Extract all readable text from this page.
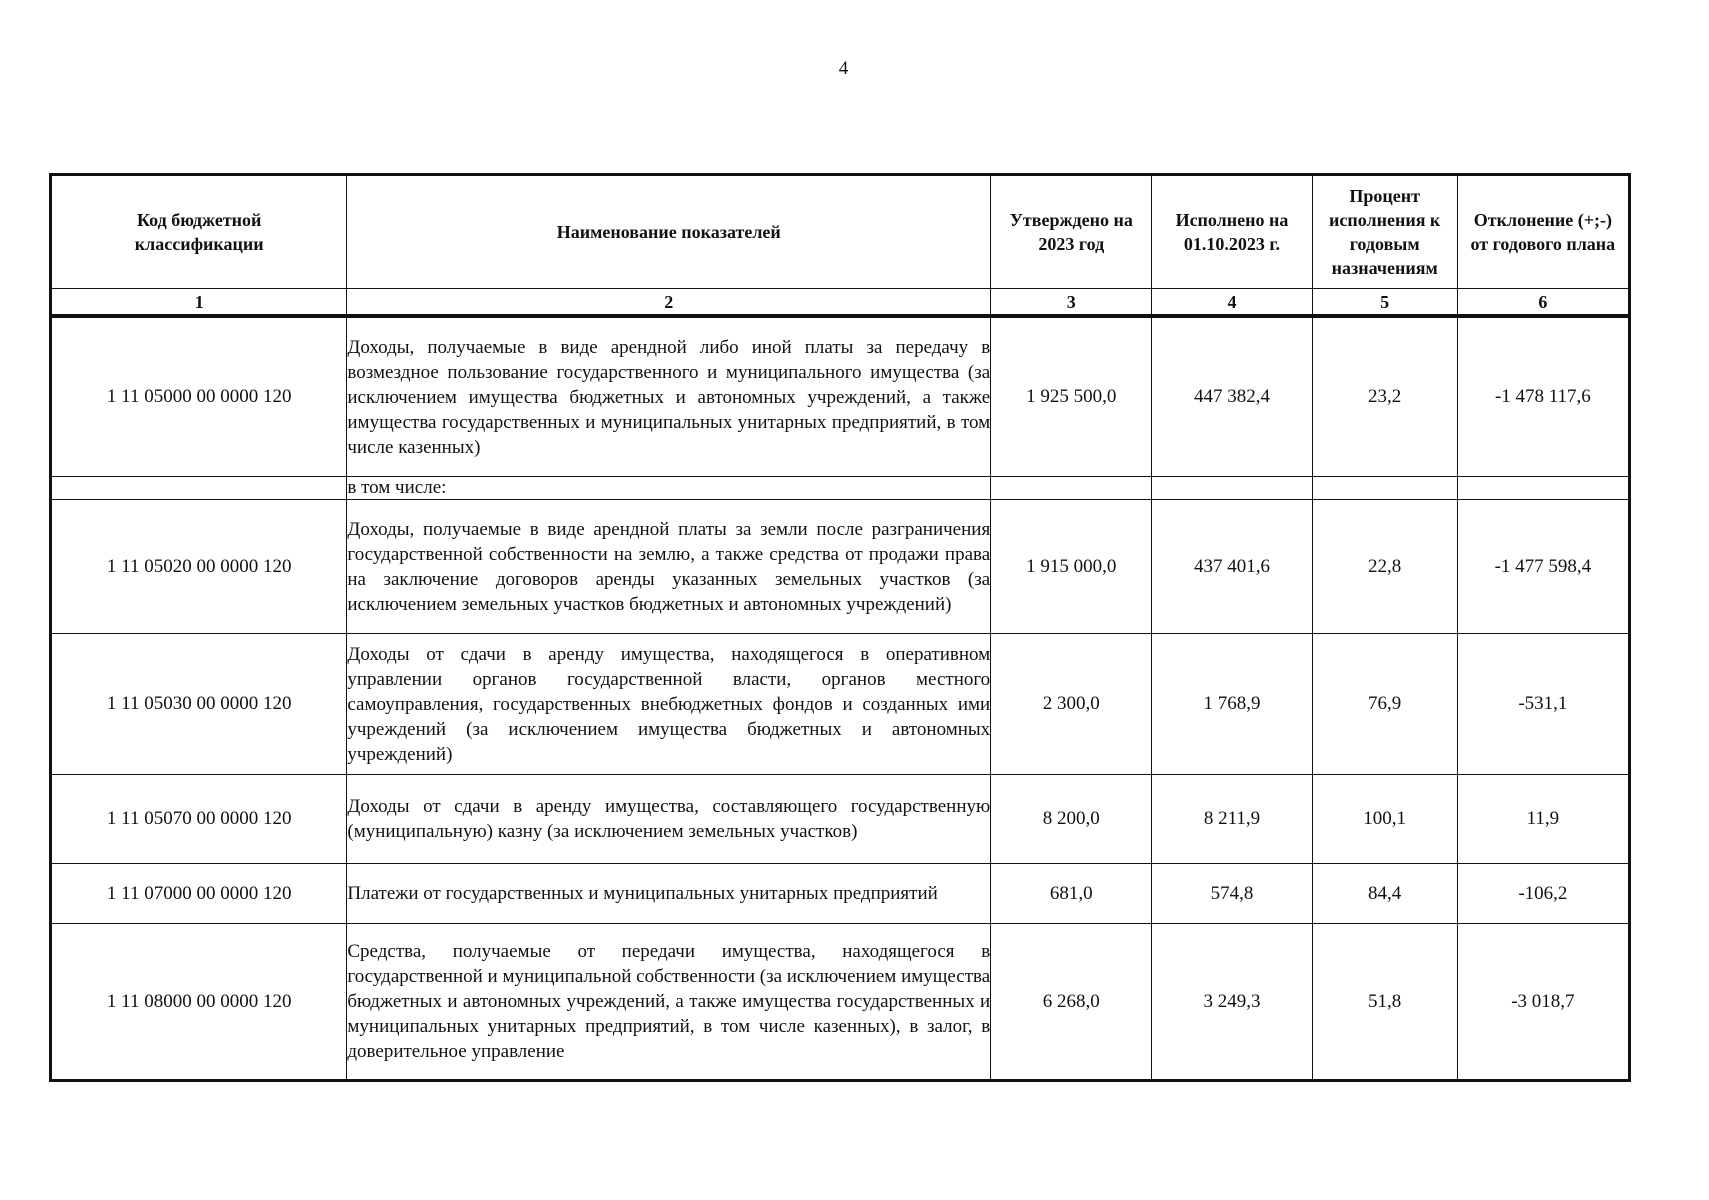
4
Код бюджетной классификации	Наименование показателей	Утверждено на 2023 год	Исполнено на 01.10.2023 г.	Процент исполнения к годовым назначениям	Отклонение (+;-) от годового плана
1	2	3	4	5	6
1 11 05000 00 0000 120	Доходы, получаемые в виде арендной либо иной платы за передачу в возмездное пользование государственного и муниципального имущества (за исключением имущества бюджетных и автономных учреждений, а также имущества государственных и муниципальных унитарных предприятий, в том числе казенных)	1 925 500,0	447 382,4	23,2	-1 478 117,6
	в том числе:				
1 11 05020 00 0000 120	Доходы, получаемые в виде арендной платы за земли после разграничения государственной собственности на землю, а также средства от продажи права на заключение договоров аренды указанных земельных участков (за исключением земельных участков бюджетных и автономных учреждений)	1 915 000,0	437 401,6	22,8	-1 477 598,4
1 11 05030 00 0000 120	Доходы от сдачи в аренду имущества, находящегося в оперативном управлении органов государственной власти, органов местного самоуправления, государственных внебюджетных фондов и созданных ими учреждений (за исключением имущества бюджетных и автономных учреждений)	2 300,0	1 768,9	76,9	-531,1
1 11 05070 00 0000 120	Доходы от сдачи в аренду имущества, составляющего государственную (муниципальную) казну (за исключением земельных участков)	8 200,0	8 211,9	100,1	11,9
1 11 07000 00 0000 120	Платежи от государственных и муниципальных унитарных предприятий	681,0	574,8	84,4	-106,2
1 11 08000 00 0000 120	Средства, получаемые от передачи имущества, находящегося в государственной и муниципальной собственности (за исключением имущества бюджетных и автономных учреждений, а также имущества государственных и муниципальных унитарных предприятий, в том числе казенных), в залог, в доверительное управление	6 268,0	3 249,3	51,8	-3 018,7
